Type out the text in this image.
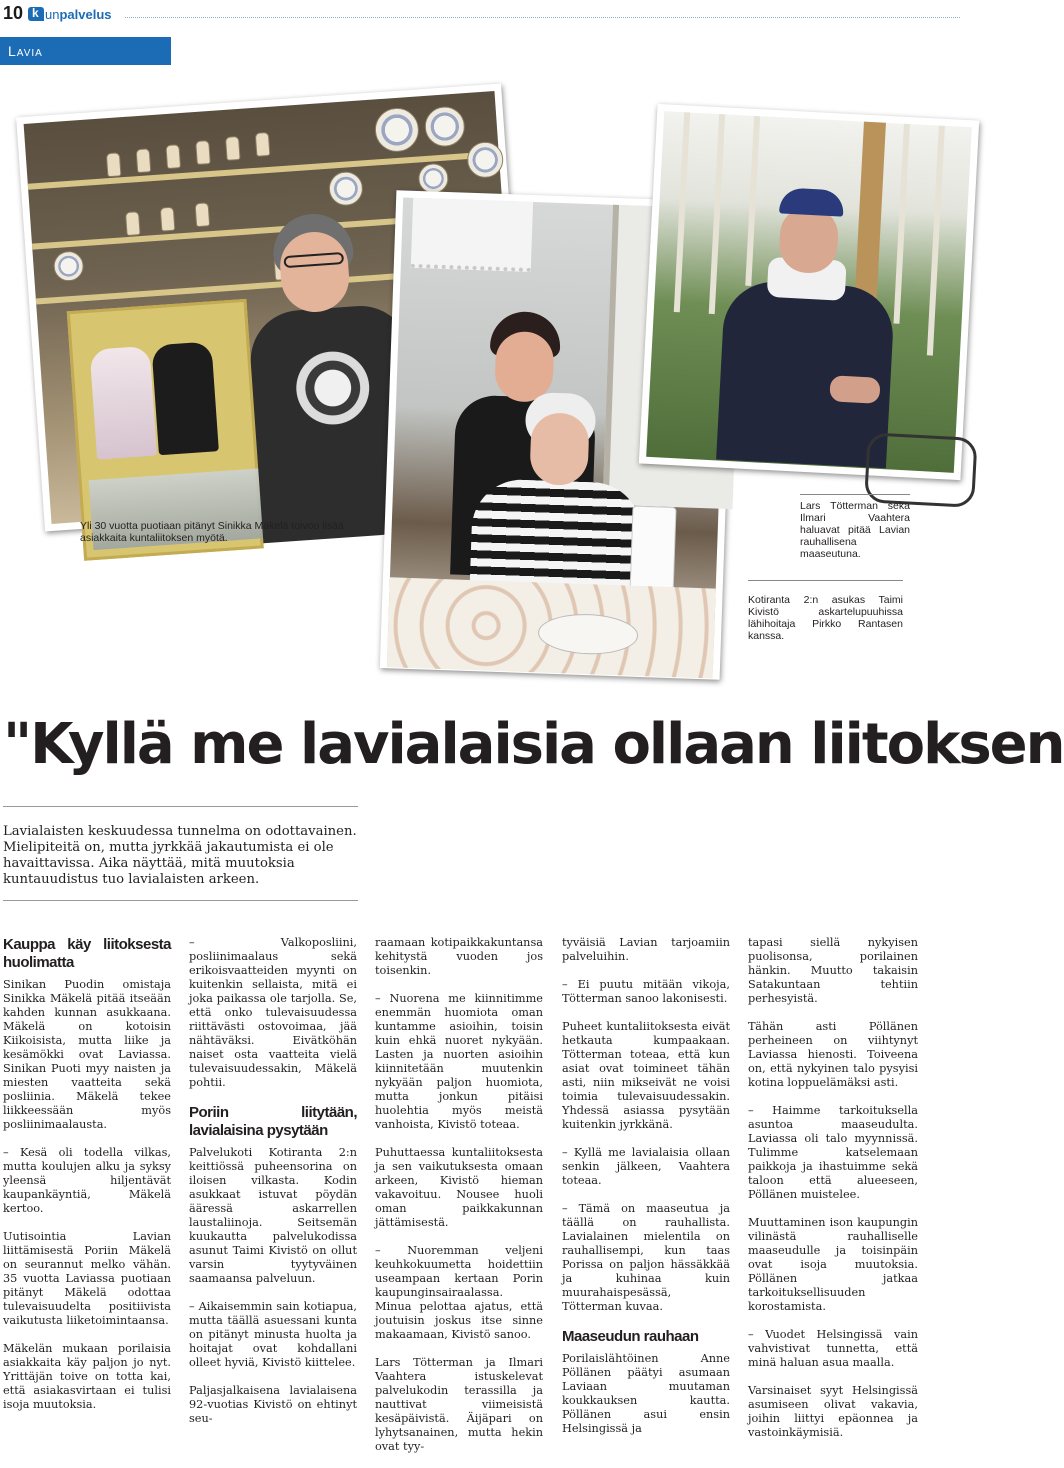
10 k un palvelus
Lavia
Yli 30 vuotta puotiaan pitänyt Sinikka Mäkelä toivoo lisää asiakkaita kuntaliitoksen myötä.
Lars Tötterman sekä Ilmari Vaahtera haluavat pitää Lavian rauhallisena maaseutuna.
Kotiranta 2:n asukas Taimi Kivistö askartelupuuhissa lähihoitaja Pirkko Rantasen kanssa.
"Kyllä me lavialaisia ollaan liitoksen
Lavialaisten keskuudessa tunnelma on odottavainen. Mielipiteitä on, mutta jyrkkää jakautumista ei ole havaittavissa. Aika näyttää, mitä muutoksia kuntauudistus tuo lavialaisten arkeen.
Kauppa käy liitoksesta huolimatta

Sinikan Puodin omistaja Sinikka Mäkelä pitää itseään kahden kunnan asukkaana. Mäkelä on kotoisin Kiikoisista, mutta liike ja kesämökki ovat Laviassa. Sinikan Puoti myy naisten ja miesten vaatteita sekä posliinia. Mäkelä tekee liikkeessään myös posliinimaalausta.

– Kesä oli todella vilkas, mutta koulujen alku ja syksy yleensä hiljentävät kaupankäyntiä, Mäkelä kertoo.

Uutisointia Lavian liittämisestä Poriin Mäkelä on seurannut melko vähän. 35 vuotta Laviassa puotiaan pitänyt Mäkelä odottaa tulevaisuudelta positiivista vaikutusta liiketoimintaansa.

Mäkelän mukaan porilaisia asiakkaita käy paljon jo nyt. Yrittäjän toive on totta kai, että asiakasvirtaan ei tulisi isoja muutoksia.

– Valkoposliini, posliinimaalaus sekä erikoisvaatteiden myynti on kuitenkin sellaista, mitä ei joka paikassa ole tarjolla. Se, että onko tulevaisuudessa riittävästi ostovoimaa, jää nähtäväksi. Eivätköhän naiset osta vaatteita vielä tulevaisuudessakin, Mäkelä pohtii.

Poriin liitytään, lavialaisina pysytään

Palvelukoti Kotiranta 2:n keittiössä puheensorina on iloisen vilkasta. Kodin asukkaat istuvat pöydän ääressä askarrellen laustaliinoja. Seitsemän kuukautta palvelukodissa asunut Taimi Kivistö on ollut varsin tyytyväinen saamaansa palveluun.

– Aikaisemmin sain kotiapua, mutta täällä asuessani kunta on pitänyt minusta huolta ja hoitajat ovat kohdallani olleet hyviä, Kivistö kiittelee.

Paljasjalkaisena lavialaisena 92-vuotias Kivistö on ehtinyt seu-

raamaan kotipaikkakuntansa kehitystä vuoden jos toisenkin.

– Nuorena me kiinnitimme enemmän huomiota oman kuntamme asioihin, toisin kuin ehkä nuoret nykyään. Lasten ja nuorten asioihin kiinnitetään muutenkin nykyään paljon huomiota, mutta jonkun pitäisi huolehtia myös meistä vanhoista, Kivistö toteaa.

Puhuttaessa kuntaliitoksesta ja sen vaikutuksesta omaan arkeen, Kivistö hieman vakavoituu. Nousee huoli oman paikkakunnan jättämisestä.

– Nuoremman veljeni keuhkokuumetta hoidettiin useampaan kertaan Porin kaupunginsairaalassa. Minua pelottaa ajatus, että joutuisin joskus itse sinne makaamaan, Kivistö sanoo.

Lars Tötterman ja Ilmari Vaahtera istuskelevat palvelukodin terassilla ja nauttivat viimeisistä kesäpäivistä. Äijäpari on lyhytsanainen, mutta hekin ovat tyy-

tyväisiä Lavian tarjoamiin palveluihin.

– Ei puutu mitään vikoja, Tötterman sanoo lakonisesti.

Puheet kuntaliitoksesta eivät hetkauta kumpaakaan. Tötterman toteaa, että kun asiat ovat toimineet tähän asti, niin mikseivät ne voisi toimia tulevaisuudessakin. Yhdessä asiassa pysytään kuitenkin jyrkkänä.

– Kyllä me lavialaisia ollaan senkin jälkeen, Vaahtera toteaa.

– Tämä on maaseutua ja täällä on rauhallista. Lavialainen mielentila on rauhallisempi, kun taas Porissa on paljon hässäkkää ja kuhinaa kuin muurahaispesässä, Tötterman kuvaa.

Maaseudun rauhaan

Porilaislähtöinen Anne Pöllänen päätyi asumaan Laviaan muutaman koukkauksen kautta. Pöllänen asui ensin Helsingissä ja

tapasi siellä nykyisen puolisonsa, porilainen hänkin. Muutto takaisin Satakuntaan tehtiin perhesyistä.

Tähän asti Pöllänen perheineen on viihtynyt Laviassa hienosti. Toiveena on, että nykyinen talo pysyisi kotina loppuelämäksi asti.

– Haimme tarkoituksella asuntoa maaseudulta. Laviassa oli talo myynnissä. Tulimme katselemaan paikkoja ja ihastuimme sekä taloon että alueeseen, Pöllänen muistelee.

Muuttaminen ison kaupungin vilinästä rauhalliselle maaseudulle ja toisinpäin ovat isoja muutoksia. Pöllänen jatkaa tarkoituksellisuuden korostamista.

– Vuodet Helsingissä vain vahvistivat tunnetta, että minä haluan asua maalla.

Varsinaiset syyt Helsingissä asumiseen olivat vakavia, joihin liittyi epäonnea ja vastoinkäymisiä.
